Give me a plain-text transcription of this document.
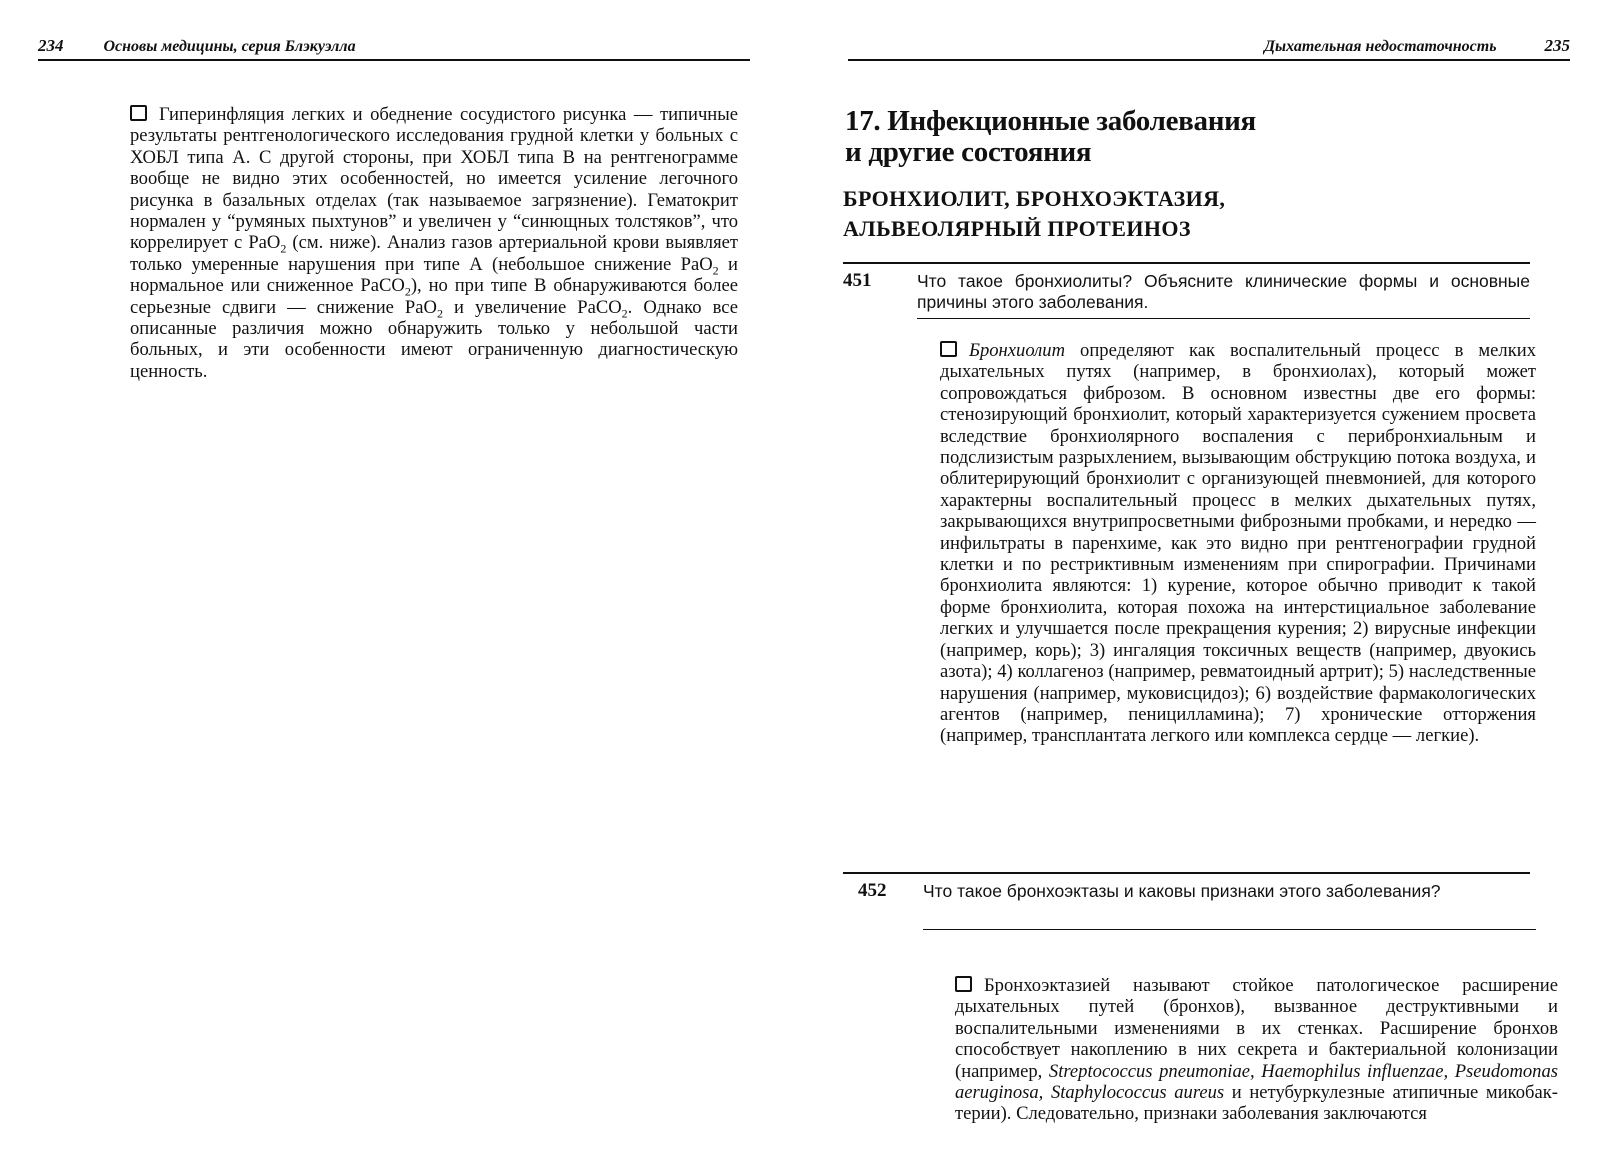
234	Основы медицины, серия Блэкуэлла

Гиперинфляция легких и обеднение сосудистого рисунка — типичные результаты рентгенологического исследования грудной клетки у больных с ХОБЛ типа А. С другой стороны, при ХОБЛ типа В на рентгенограмме вообще не видно этих особенностей, но имеется усиление легочного рисунка в базальных отделах (так называемое загрязнение). Гематокрит нормален у “румяных пыхтунов” и увеличен у “синющных толстяков”, что коррелирует с PaO$_2$ (см. ниже). Анализ газов артериальной крови выявляет только умеренные нарушения при типе А (небольшое снижение PaO$_2$ и нормальное или сниженное PaCO$_2$), но при типе В обнаруживаются более серьезные сдвиги — снижение PaO$_2$ и увеличение PaCO$_2$. Однако все описанные различия можно обнаружить только у небольшой части больных, и эти особенности имеют ограниченную диагностическую ценность.

Дыхательная недостаточность	235
17. Инфекционные заболевания
и другие состояния
БРОНХИОЛИТ, БРОНХОЭКТАЗИЯ,
АЛЬВЕОЛЯРНЫЙ ПРОТЕИНОЗ
451	Что такое бронхиолиты? Объясните клинические формы и основные причины этого заболевания.

Бронхиолит определяют как воспалительный процесс в мелких дыхательных путях (например, в бронхиолах), который может сопровождаться фиброзом. В основном известны две его формы: стенозирующий бронхиолит, который характеризуется сужением просвета вследствие бронхиолярного воспаления с перибронхиальным и подслизистым разрыхлением, вызывающим обструкцию потока воздуха, и облитерирующий бронхиолит с организующей пневмонией, для которого характерны воспалительный процесс в мелких дыхательных путях, закрывающихся внутрипросветными фиброзными пробками, и нередко — инфильтраты в паренхиме, как это видно при рентгенографии грудной клетки и по рестриктивным изменениям при спирографии. Причинами бронхиолита являются: 1) курение, которое обычно приводит к такой форме бронхиолита, которая похожа на интерстициальное заболевание легких и улучшается после прекращения курения; 2) вирусные инфекции (например, корь); 3) ингаляция токсичных веществ (например, двуокись азота); 4) коллагеноз (например, ревматоидный артрит); 5) наследственные нарушения (например, муковисцидоз); 6) воздействие фармакологических агентов (например, пеницилламина); 7) хронические отторжения (например, трансплантата легкого или комплекса сердце — легкие).

452 Что такое бронхоэктазы и каковы признаки этого заболевания?

Бронхоэктазией называют стойкое патологическое расширение дыхательных путей (бронхов), вызванное деструктивными и воспалительными изменениями в их стенках. Расширение бронхов способствует накоплению в них секрета и бактериальной колонизации (например, Streptococcus pneumoniae, Haemophilus influenzae, Pseudomonas aeruginosa, Staphylococcus aureus и нетубуркулезные атипичные микобактерии). Следовательно, признаки заболевания заключаются
